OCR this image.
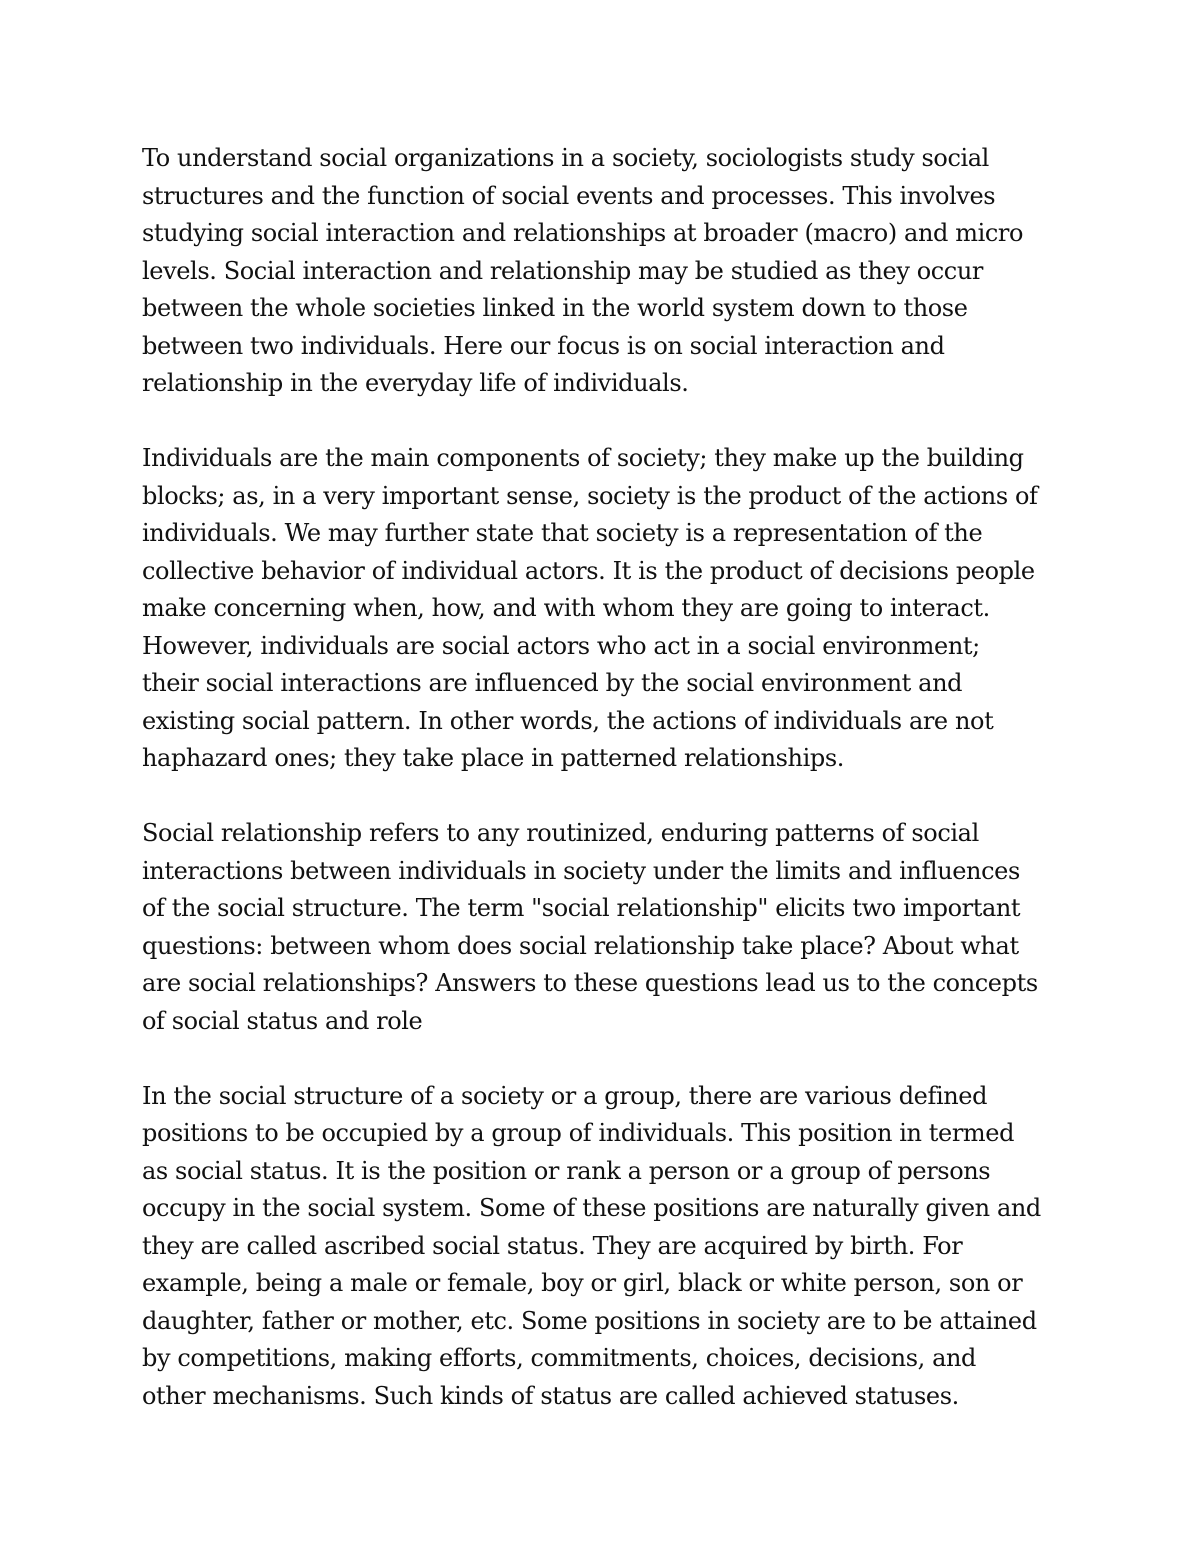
To understand social organizations in a society, sociologists study social
structures and the function of social events and processes. This involves
studying social interaction and relationships at broader (macro) and micro
levels. Social interaction and relationship may be studied as they occur
between the whole societies linked in the world system down to those
between two individuals. Here our focus is on social interaction and
relationship in the everyday life of individuals.

Individuals are the main components of society; they make up the building
blocks; as, in a very important sense, society is the product of the actions of
individuals. We may further state that society is a representation of the
collective behavior of individual actors. It is the product of decisions people
make concerning when, how, and with whom they are going to interact.
However, individuals are social actors who act in a social environment;
their social interactions are influenced by the social environment and
existing social pattern. In other words, the actions of individuals are not
haphazard ones; they take place in patterned relationships.

Social relationship refers to any routinized, enduring patterns of social
interactions between individuals in society under the limits and influences
of the social structure. The term "social relationship" elicits two important
questions: between whom does social relationship take place? About what
are social relationships? Answers to these questions lead us to the concepts
of social status and role

In the social structure of a society or a group, there are various defined
positions to be occupied by a group of individuals. This position in termed
as social status. It is the position or rank a person or a group of persons
occupy in the social system. Some of these positions are naturally given and
they are called ascribed social status. They are acquired by birth. For
example, being a male or female, boy or girl, black or white person, son or
daughter, father or mother, etc. Some positions in society are to be attained
by competitions, making efforts, commitments, choices, decisions, and
other mechanisms. Such kinds of status are called achieved statuses.
